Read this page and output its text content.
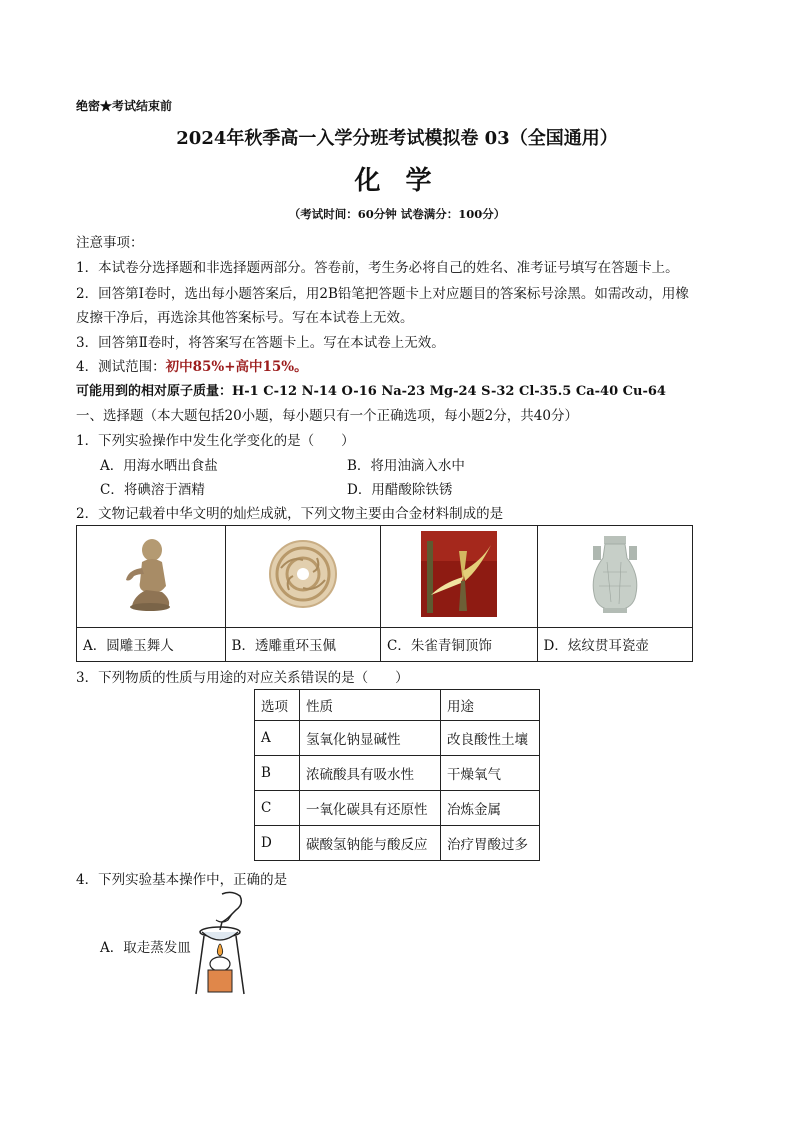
绝密★考试结束前
2024年秋季高一入学分班考试模拟卷 03（全国通用）
化 学
（考试时间：60分钟 试卷满分：100分）
注意事项：
1．本试卷分选择题和非选择题两部分。答卷前，考生务必将自己的姓名、准考证号填写在答题卡上。
2．回答第Ⅰ卷时，选出每小题答案后，用2B铅笔把答题卡上对应题目的答案标号涂黑。如需改动，用橡
皮擦干净后，再选涂其他答案标号。写在本试卷上无效。
3．回答第Ⅱ卷时，将答案写在答题卡上。写在本试卷上无效。
4．测试范围：初中85%+高中15%。
可能用到的相对原子质量：H-1 C-12 N-14 O-16 Na-23 Mg-24 S-32 Cl-35.5 Ca-40 Cu-64
一、选择题（本大题包括20小题，每小题只有一个正确选项，每小题2分，共40分）
1．下列实验操作中发生化学变化的是（　　）
A．用海水晒出食盐	B．将用油滴入水中
C．将碘溶于酒精	D．用醋酸除铁锈
2．文物记载着中华文明的灿烂成就，下列文物主要由合金材料制成的是

A．圆雕玉舞人	B．透雕重环玉佩	C．朱雀青铜顶饰	D．炫纹贯耳瓷壶
3．下列物质的性质与用途的对应关系错误的是（　　）
选项	性质	用途
A	氢氧化钠显碱性	改良酸性土壤
B	浓硫酸具有吸水性	干燥氧气
C	一氧化碳具有还原性	冶炼金属
D	碳酸氢钠能与酸反应	治疗胃酸过多
4．下列实验基本操作中，正确的是
A．取走蒸发皿
